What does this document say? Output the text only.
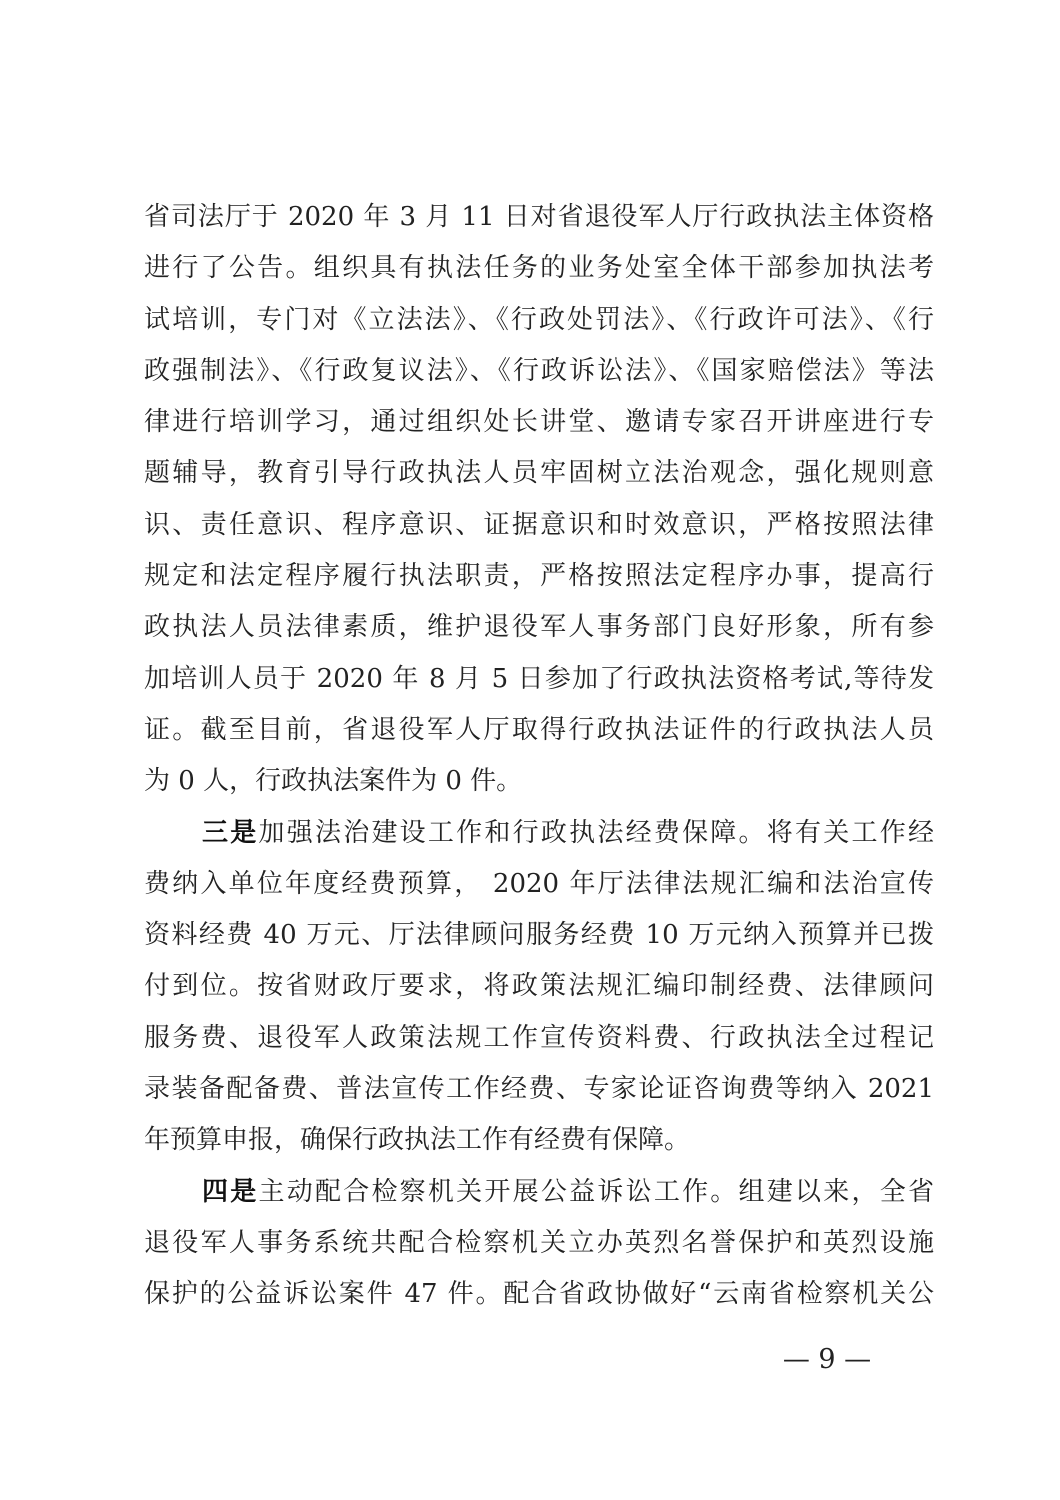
省司法厅于 2020 年 3 月 11 日对省退役军人厅行政执法主体资格
进行了公告。组织具有执法任务的业务处室全体干部参加执法考
试培训，专门对《立法法》、《行政处罚法》、《行政许可法》、《行
政强制法》、《行政复议法》、《行政诉讼法》、《国家赔偿法》等法
律进行培训学习，通过组织处长讲堂、邀请专家召开讲座进行专
题辅导，教育引导行政执法人员牢固树立法治观念，强化规则意
识、责任意识、程序意识、证据意识和时效意识，严格按照法律
规定和法定程序履行执法职责，严格按照法定程序办事，提高行
政执法人员法律素质，维护退役军人事务部门良好形象，所有参
加培训人员于 2020 年 8 月 5 日参加了行政执法资格考试,等待发
证。截至目前，省退役军人厅取得行政执法证件的行政执法人员
为 0 人，行政执法案件为 0 件。
三是加强法治建设工作和行政执法经费保障。将有关工作经
费纳入单位年度经费预算， 2020 年厅法律法规汇编和法治宣传
资料经费 40 万元、厅法律顾问服务经费 10 万元纳入预算并已拨
付到位。按省财政厅要求，将政策法规汇编印制经费、法律顾问
服务费、退役军人政策法规工作宣传资料费、行政执法全过程记
录装备配备费、普法宣传工作经费、专家论证咨询费等纳入 2021
年预算申报，确保行政执法工作有经费有保障。
四是主动配合检察机关开展公益诉讼工作。组建以来，全省
退役军人事务系统共配合检察机关立办英烈名誉保护和英烈设施
保护的公益诉讼案件 47 件。配合省政协做好“云南省检察机关公
— 9 —
